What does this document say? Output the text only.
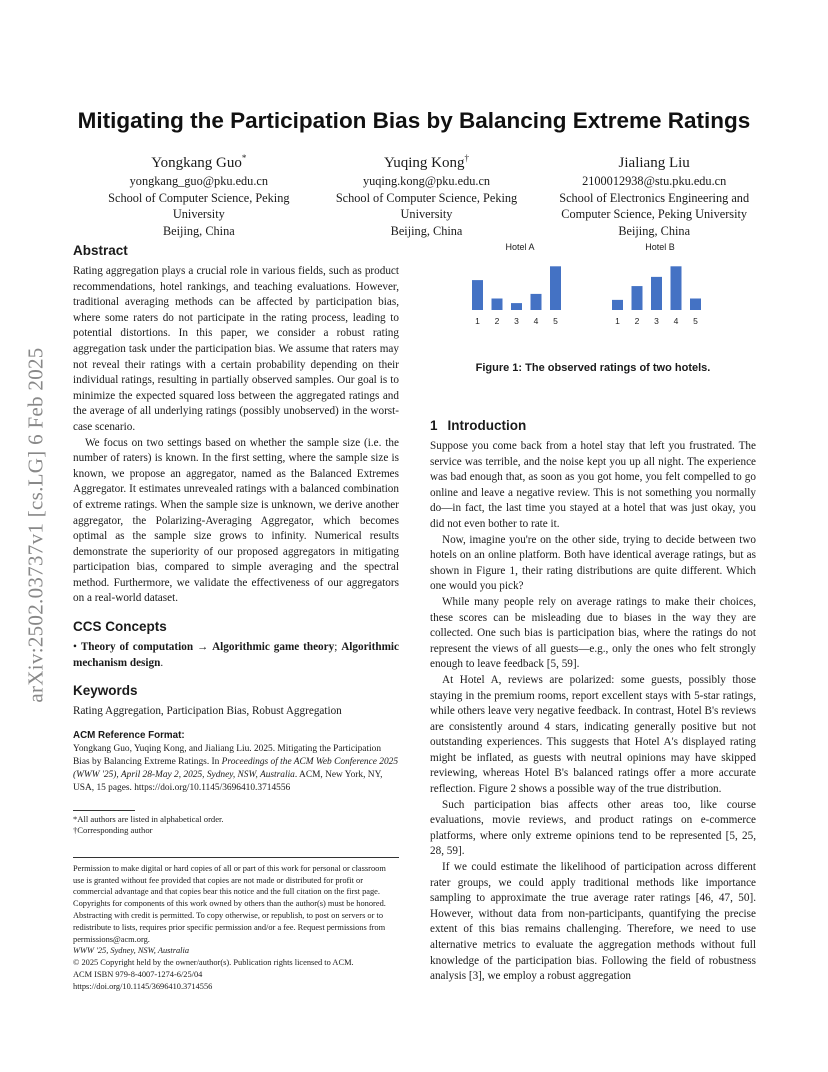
arXiv:2502.03737v1 [cs.LG] 6 Feb 2025
Mitigating the Participation Bias by Balancing Extreme Ratings
Yongkang Guo*
yongkang_guo@pku.edu.cn
School of Computer Science, Peking
University
Beijing, China
Yuqing Kong†
yuqing.kong@pku.edu.cn
School of Computer Science, Peking
University
Beijing, China
Jialiang Liu
2100012938@stu.pku.edu.cn
School of Electronics Engineering and
Computer Science, Peking University
Beijing, China
Abstract

Rating aggregation plays a crucial role in various fields, such as product recommendations, hotel rankings, and teaching evaluations. However, traditional averaging methods can be affected by participation bias, where some raters do not participate in the rating process, leading to potential distortions. In this paper, we consider a robust rating aggregation task under the participation bias. We assume that raters may not reveal their ratings with a certain probability depending on their individual ratings, resulting in partially observed samples. Our goal is to minimize the expected squared loss between the aggregated ratings and the average of all underlying ratings (possibly unobserved) in the worst-case scenario.

We focus on two settings based on whether the sample size (i.e. the number of raters) is known. In the first setting, where the sample size is known, we propose an aggregator, named as the Balanced Extremes Aggregator. It estimates unrevealed ratings with a balanced combination of extreme ratings. When the sample size is unknown, we derive another aggregator, the Polarizing-Averaging Aggregator, which becomes optimal as the sample size grows to infinity. Numerical results demonstrate the superiority of our proposed aggregators in mitigating participation bias, compared to simple averaging and the spectral method. Furthermore, we validate the effectiveness of our aggregators on a real-world dataset.

CCS Concepts

• Theory of computation → Algorithmic game theory; Algorithmic mechanism design.

Keywords

Rating Aggregation, Participation Bias, Robust Aggregation

ACM Reference Format:

Yongkang Guo, Yuqing Kong, and Jialiang Liu. 2025. Mitigating the Participation Bias by Balancing Extreme Ratings. In Proceedings of the ACM Web Conference 2025 (WWW '25), April 28-May 2, 2025, Sydney, NSW, Australia. ACM, New York, NY, USA, 15 pages. https://doi.org/10.1145/3696410.3714556

*All authors are listed in alphabetical order.
†Corresponding author
Permission to make digital or hard copies of all or part of this work for personal or classroom use is granted without fee provided that copies are not made or distributed for profit or commercial advantage and that copies bear this notice and the full citation on the first page. Copyrights for components of this work owned by others than the author(s) must be honored. Abstracting with credit is permitted. To copy otherwise, or republish, to post on servers or to redistribute to lists, requires prior specific permission and/or a fee. Request permissions from permissions@acm.org.
WWW '25, Sydney, NSW, Australia
© 2025 Copyright held by the owner/author(s). Publication rights licensed to ACM.
ACM ISBN 979-8-4007-1274-6/25/04
https://doi.org/10.1145/3696410.3714556
Hotel A
1 2 3 4 5
Hotel B
1 2 3 4 5
Figure 1: The observed ratings of two hotels.
1 Introduction

Suppose you come back from a hotel stay that left you frustrated. The service was terrible, and the noise kept you up all night. The experience was bad enough that, as soon as you got home, you felt compelled to go online and leave a negative review. This is not something you normally do—in fact, the last time you stayed at a hotel that was just okay, you did not even bother to rate it.

Now, imagine you're on the other side, trying to decide between two hotels on an online platform. Both have identical average ratings, but as shown in Figure 1, their rating distributions are quite different. Which one would you pick?

While many people rely on average ratings to make their choices, these scores can be misleading due to biases in the way they are collected. One such bias is participation bias, where the ratings do not represent the views of all guests—e.g., only the ones who felt strongly enough to leave feedback [5, 59].

At Hotel A, reviews are polarized: some guests, possibly those staying in the premium rooms, report excellent stays with 5-star ratings, while others leave very negative feedback. In contrast, Hotel B's reviews are consistently around 4 stars, indicating generally positive but not outstanding experiences. This suggests that Hotel A's displayed rating might be inflated, as guests with neutral opinions may have skipped reviewing, whereas Hotel B's balanced ratings offer a more accurate reflection. Figure 2 shows a possible way of the true distribution.

Such participation bias affects other areas too, like course evaluations, movie reviews, and product ratings on e-commerce platforms, where only extreme opinions tend to be represented [5, 25, 28, 59].

If we could estimate the likelihood of participation across different rater groups, we could apply traditional methods like importance sampling to approximate the true average rater ratings [46, 47, 50]. However, without data from non-participants, quantifying the precise extent of this bias remains challenging. Therefore, we need to use alternative metrics to evaluate the aggregation methods without full knowledge of the participation bias. Following the field of robustness analysis [3], we employ a robust aggregation
